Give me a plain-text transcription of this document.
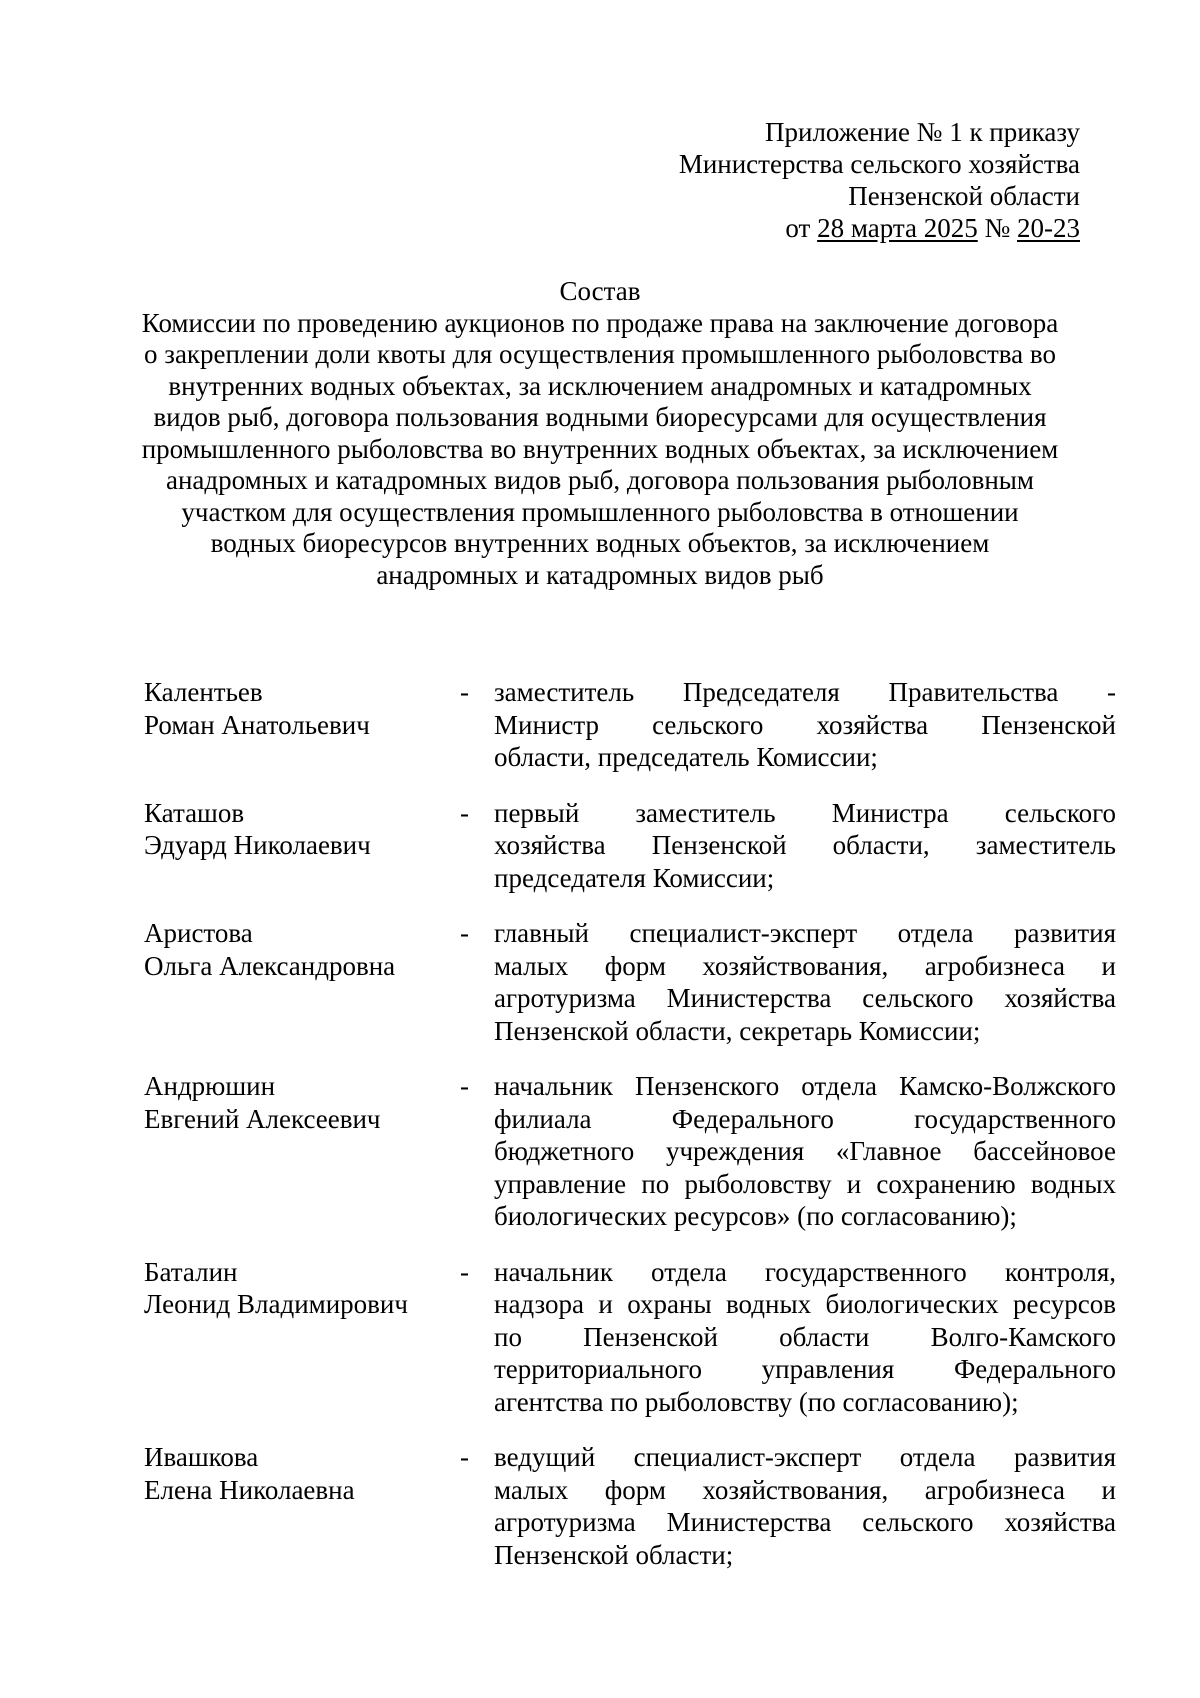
Приложение № 1 к приказу
Министерства сельского хозяйства
Пензенской области
от 28 марта 2025 № 20-23
Состав
Комиссии по проведению аукционов по продаже права на заключение договора
о закреплении доли квоты для осуществления промышленного рыболовства во
внутренних водных объектах, за исключением анадромных и катадромных
видов рыб, договора пользования водными биоресурсами для осуществления
промышленного рыболовства во внутренних водных объектах, за исключением
анадромных и катадромных видов рыб, договора пользования рыболовным
участком для осуществления промышленного рыболовства в отношении
водных биоресурсов внутренних водных объектов, за исключением
анадромных и катадромных видов рыб
Калентьев
Роман Анатольевич
- заместитель Председателя Правительства -
Министр сельского хозяйства Пензенской
области, председатель Комиссии;
Каташов
Эдуард Николаевич
- первый заместитель Министра сельского
хозяйства Пензенской области, заместитель
председателя Комиссии;
Аристова
Ольга Александровна
- главный специалист-эксперт отдела развития
малых форм хозяйствования, агробизнеса и
агротуризма Министерства сельского хозяйства
Пензенской области, секретарь Комиссии;
Андрюшин
Евгений Алексеевич
- начальник Пензенского отдела Камско-Волжского
филиала Федерального государственного
бюджетного учреждения «Главное бассейновое
управление по рыболовству и сохранению водных
биологических ресурсов» (по согласованию);
Баталин
Леонид Владимирович
- начальник отдела государственного контроля,
надзора и охраны водных биологических ресурсов
по Пензенской области Волго-Камского
территориального управления Федерального
агентства по рыболовству (по согласованию);
Ивашкова
Елена Николаевна
- ведущий специалист-эксперт отдела развития
малых форм хозяйствования, агробизнеса и
агротуризма Министерства сельского хозяйства
Пензенской области;
